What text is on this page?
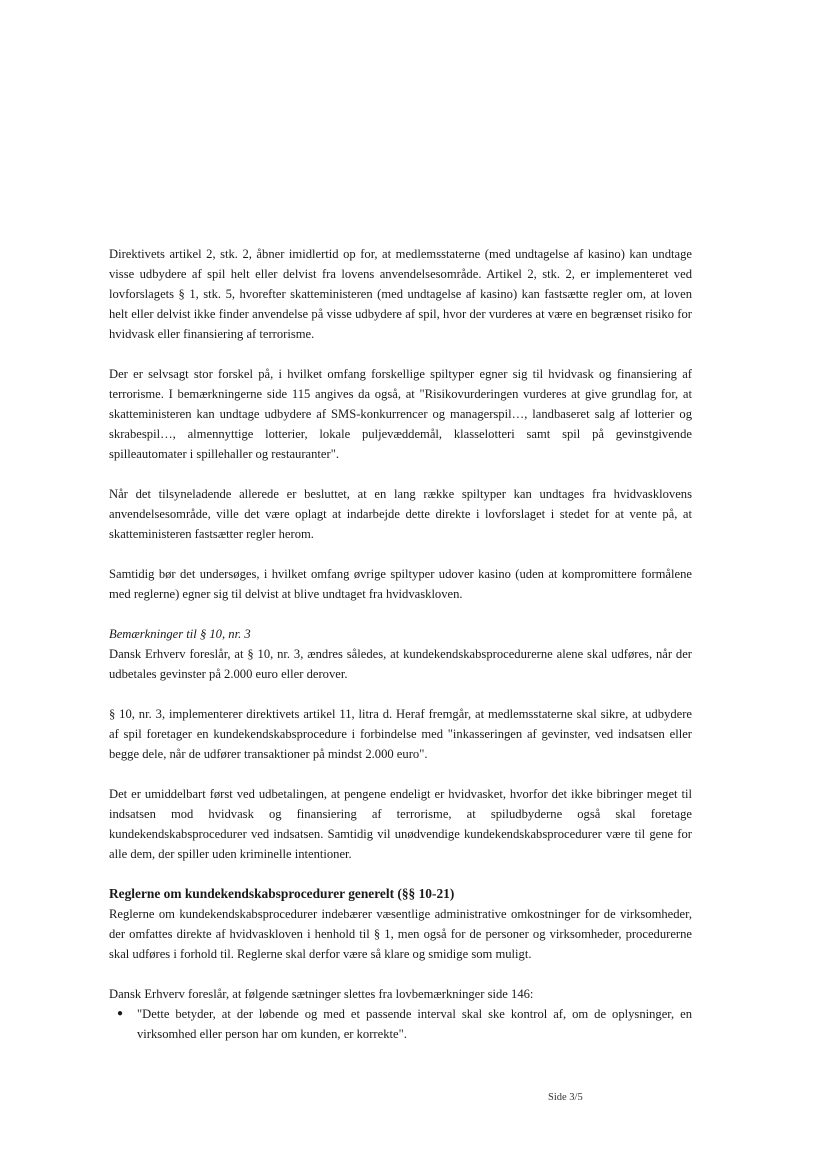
Direktivets artikel 2, stk. 2, åbner imidlertid op for, at medlemsstaterne (med undtagelse af kasino) kan undtage visse udbydere af spil helt eller delvist fra lovens anvendelsesområde. Artikel 2, stk. 2, er implementeret ved lovforslagets § 1, stk. 5, hvorefter skatteministeren (med undtagelse af kasino) kan fastsætte regler om, at loven helt eller delvist ikke finder anvendelse på visse udbydere af spil, hvor der vurderes at være en begrænset risiko for hvidvask eller finansiering af terrorisme.

Der er selvsagt stor forskel på, i hvilket omfang forskellige spiltyper egner sig til hvidvask og finansiering af terrorisme. I bemærkningerne side 115 angives da også, at "Risikovurderingen vurderes at give grundlag for, at skatteministeren kan undtage udbydere af SMS-konkurrencer og managerspil…, landbaseret salg af lotterier og skrabespil…, almennyttige lotterier, lokale puljevæddemål, klasselotteri samt spil på gevinstgivende spilleautomater i spillehaller og restauranter".

Når det tilsyneladende allerede er besluttet, at en lang række spiltyper kan undtages fra hvidvasklovens anvendelsesområde, ville det være oplagt at indarbejde dette direkte i lovforslaget i stedet for at vente på, at skatteministeren fastsætter regler herom.

Samtidig bør det undersøges, i hvilket omfang øvrige spiltyper udover kasino (uden at kompromittere formålene med reglerne) egner sig til delvist at blive undtaget fra hvidvaskloven.

Bemærkninger til § 10, nr. 3

Dansk Erhverv foreslår, at § 10, nr. 3, ændres således, at kundekendskabsprocedurerne alene skal udføres, når der udbetales gevinster på 2.000 euro eller derover.

§ 10, nr. 3, implementerer direktivets artikel 11, litra d. Heraf fremgår, at medlemsstaterne skal sikre, at udbydere af spil foretager en kundekendskabsprocedure i forbindelse med "inkasseringen af gevinster, ved indsatsen eller begge dele, når de udfører transaktioner på mindst 2.000 euro".

Det er umiddelbart først ved udbetalingen, at pengene endeligt er hvidvasket, hvorfor det ikke bibringer meget til indsatsen mod hvidvask og finansiering af terrorisme, at spiludbyderne også skal foretage kundekendskabsprocedurer ved indsatsen. Samtidig vil unødvendige kundekendskabsprocedurer være til gene for alle dem, der spiller uden kriminelle intentioner.

Reglerne om kundekendskabsprocedurer generelt (§§ 10-21)

Reglerne om kundekendskabsprocedurer indebærer væsentlige administrative omkostninger for de virksomheder, der omfattes direkte af hvidvaskloven i henhold til § 1, men også for de personer og virksomheder, procedurerne skal udføres i forhold til. Reglerne skal derfor være så klare og smidige som muligt.

Dansk Erhverv foreslår, at følgende sætninger slettes fra lovbemærkninger side 146:

●	"Dette betyder, at der løbende og med et passende interval skal ske kontrol af, om de oplysninger, en virksomhed eller person har om kunden, er korrekte".
Side 3/5
